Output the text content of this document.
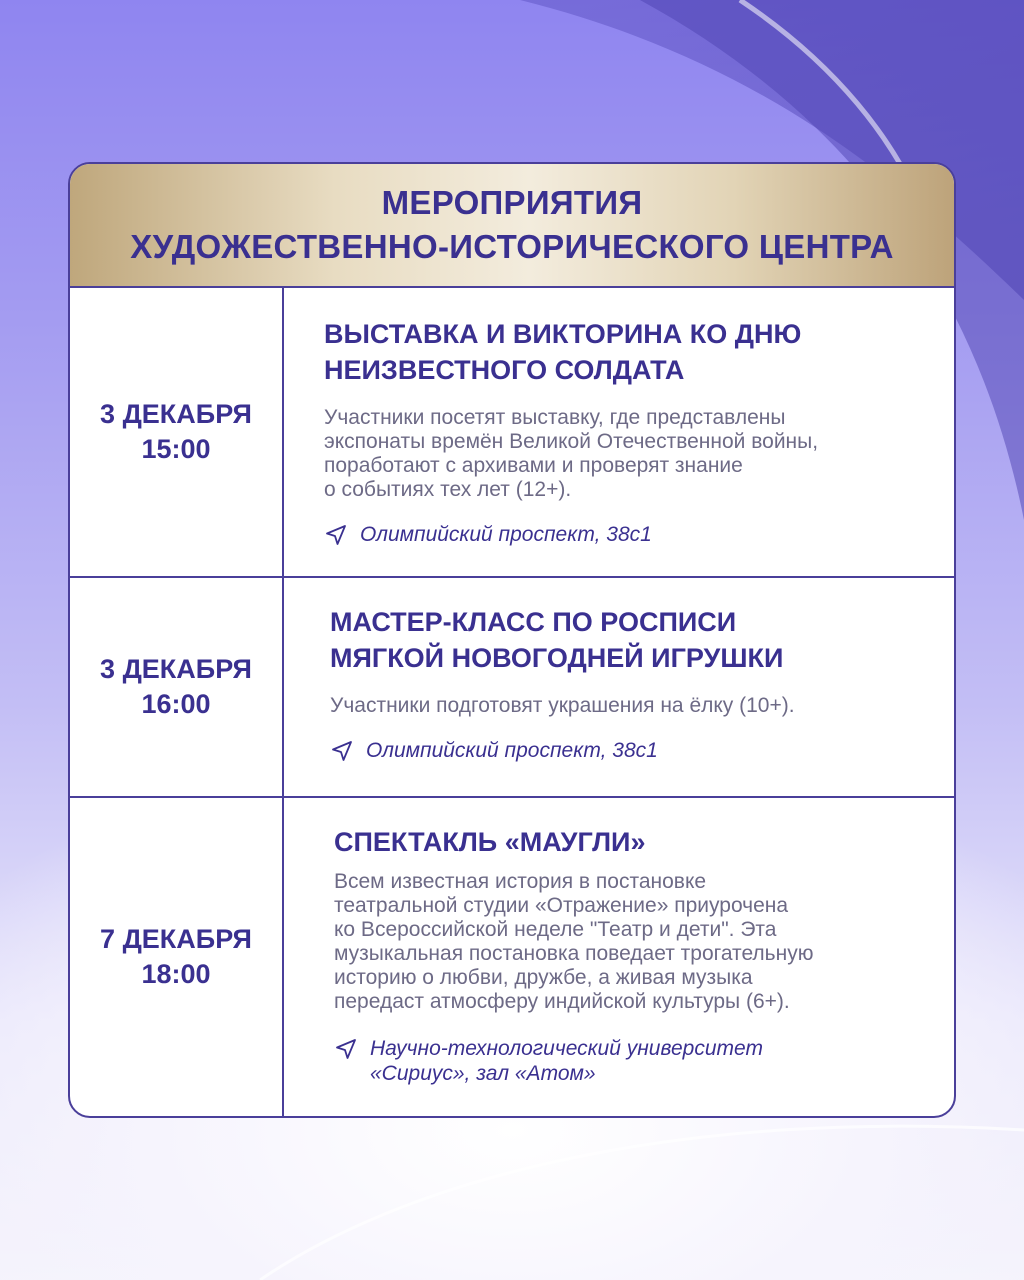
МЕРОПРИЯТИЯ
ХУДОЖЕСТВЕННО-ИСТОРИЧЕСКОГО ЦЕНТРА
3 ДЕКАБРЯ
15:00
ВЫСТАВКА И ВИКТОРИНА КО ДНЮ
НЕИЗВЕСТНОГО СОЛДАТА
Участники посетят выставку, где представлены
экспонаты времён Великой Отечественной войны,
поработают с архивами и проверят знание
о событиях тех лет (12+).
Олимпийский проспект, 38с1
3 ДЕКАБРЯ
16:00
МАСТЕР-КЛАСС ПО РОСПИСИ
МЯГКОЙ НОВОГОДНЕЙ ИГРУШКИ
Участники подготовят украшения на ёлку (10+).
Олимпийский проспект, 38с1
7 ДЕКАБРЯ
18:00
СПЕКТАКЛЬ «МАУГЛИ»
Всем известная история в постановке
театральной студии «Отражение» приурочена
ко Всероссийской неделе "Театр и дети". Эта
музыкальная постановка поведает трогательную
историю о любви, дружбе, а живая музыка
передаст атмосферу индийской культуры (6+).
Научно-технологический университет
«Сириус», зал «Атом»
